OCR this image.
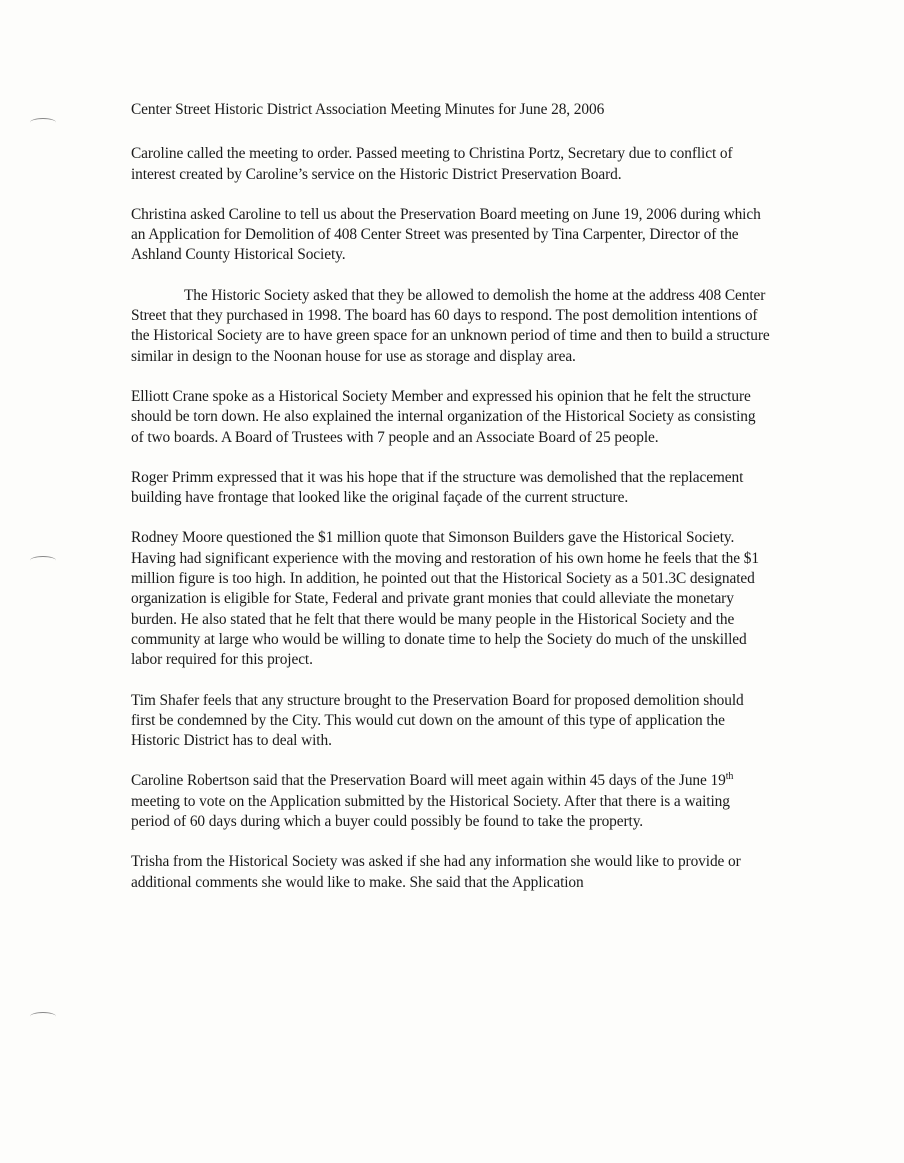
Center Street Historic District Association Meeting Minutes for June 28, 2006

Caroline called the meeting to order. Passed meeting to Christina Portz, Secretary due to conflict of interest created by Caroline’s service on the Historic District Preservation Board.

Christina asked Caroline to tell us about the Preservation Board meeting on June 19, 2006 during which an Application for Demolition of 408 Center Street was presented by Tina Carpenter, Director of the Ashland County Historical Society.

The Historic Society asked that they be allowed to demolish the home at the address 408 Center Street that they purchased in 1998. The board has 60 days to respond. The post demolition intentions of the Historical Society are to have green space for an unknown period of time and then to build a structure similar in design to the Noonan house for use as storage and display area.

Elliott Crane spoke as a Historical Society Member and expressed his opinion that he felt the structure should be torn down. He also explained the internal organization of the Historical Society as consisting of two boards. A Board of Trustees with 7 people and an Associate Board of 25 people.

Roger Primm expressed that it was his hope that if the structure was demolished that the replacement building have frontage that looked like the original façade of the current structure.

Rodney Moore questioned the $1 million quote that Simonson Builders gave the Historical Society. Having had significant experience with the moving and restoration of his own home he feels that the $1 million figure is too high. In addition, he pointed out that the Historical Society as a 501.3C designated organization is eligible for State, Federal and private grant monies that could alleviate the monetary burden. He also stated that he felt that there would be many people in the Historical Society and the community at large who would be willing to donate time to help the Society do much of the unskilled labor required for this project.

Tim Shafer feels that any structure brought to the Preservation Board for proposed demolition should first be condemned by the City. This would cut down on the amount of this type of application the Historic District has to deal with.

Caroline Robertson said that the Preservation Board will meet again within 45 days of the June 19th meeting to vote on the Application submitted by the Historical Society. After that there is a waiting period of 60 days during which a buyer could possibly be found to take the property.

Trisha from the Historical Society was asked if she had any information she would like to provide or additional comments she would like to make. She said that the Application
